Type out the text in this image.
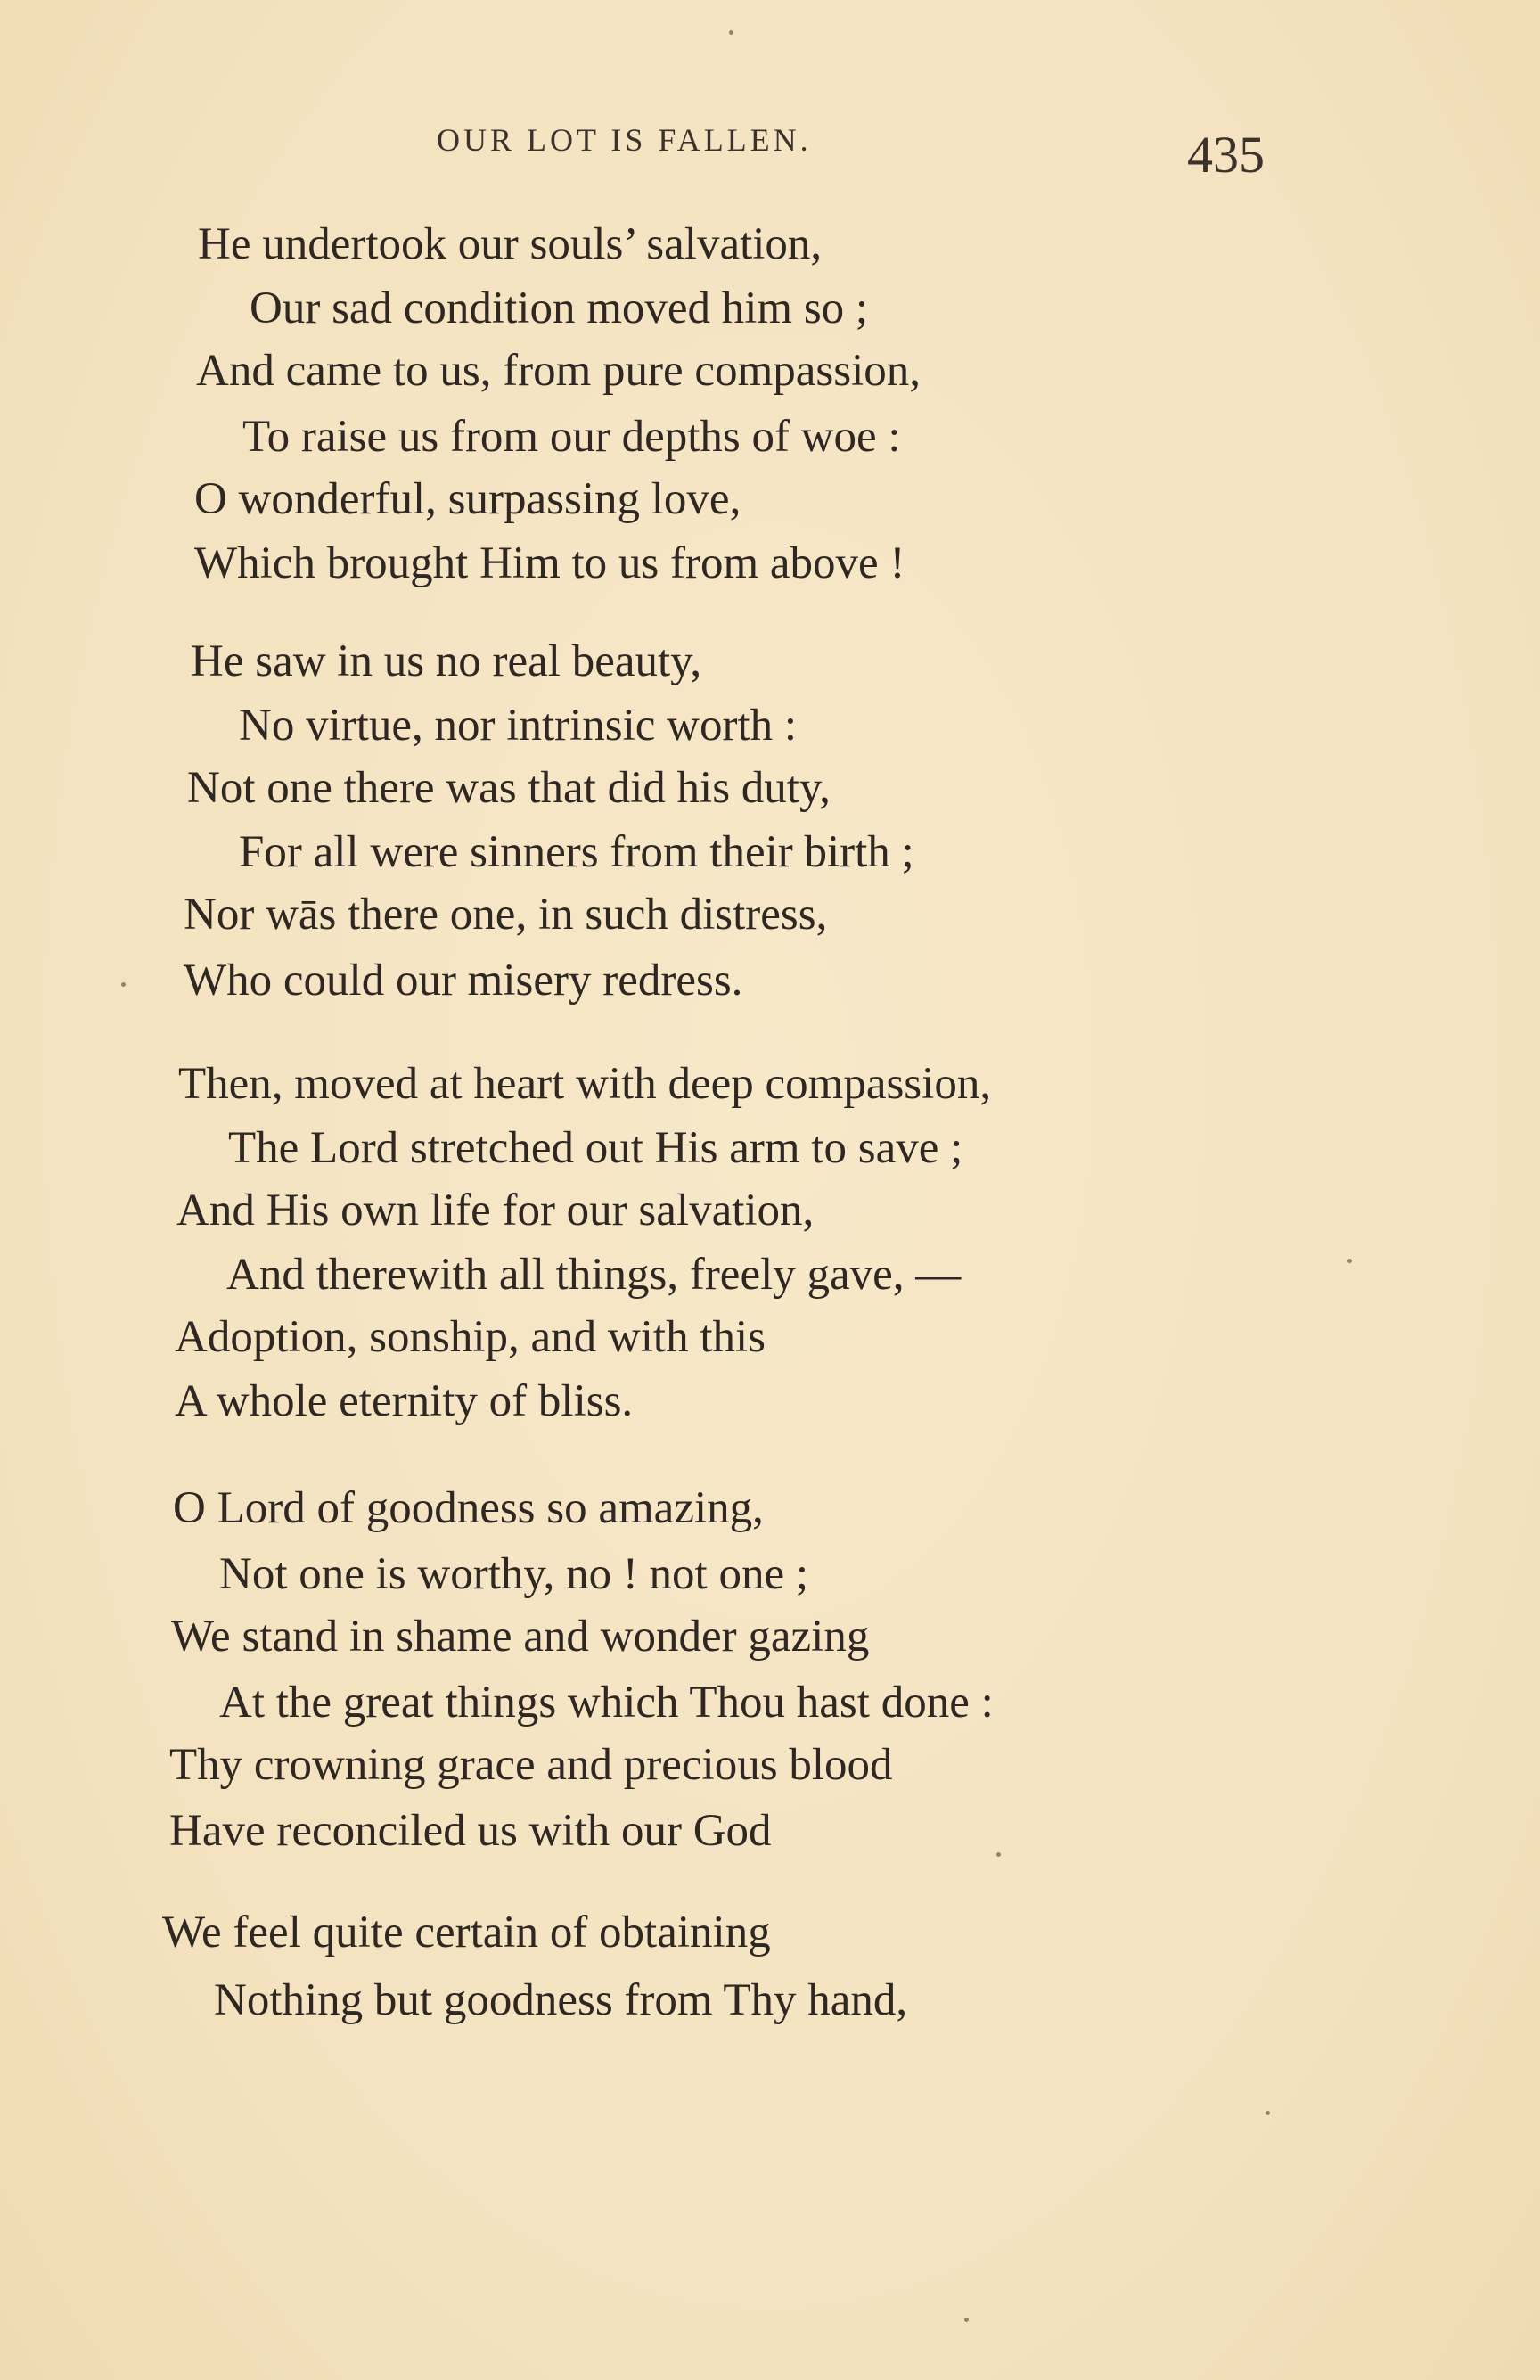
OUR LOT IS FALLEN.	435
He undertook our souls’ salvation,
Our sad condition moved him so ;
And came to us, from pure compassion,
To raise us from our depths of woe :
O wonderful, surpassing love,
Which brought Him to us from above !
He saw in us no real beauty,
No virtue, nor intrinsic worth :
Not one there was that did his duty,
For all were sinners from their birth ;
Nor wās there one, in such distress,
Who could our misery redress.
Then, moved at heart with deep compassion,
The Lord stretched out His arm to save ;
And His own life for our salvation,
And therewith all things, freely gave, —
Adoption, sonship, and with this
A whole eternity of bliss.
O Lord of goodness so amazing,
Not one is worthy, no ! not one ;
We stand in shame and wonder gazing
At the great things which Thou hast done :
Thy crowning grace and precious blood
Have reconciled us with our God
We feel quite certain of obtaining
Nothing but goodness from Thy hand,
